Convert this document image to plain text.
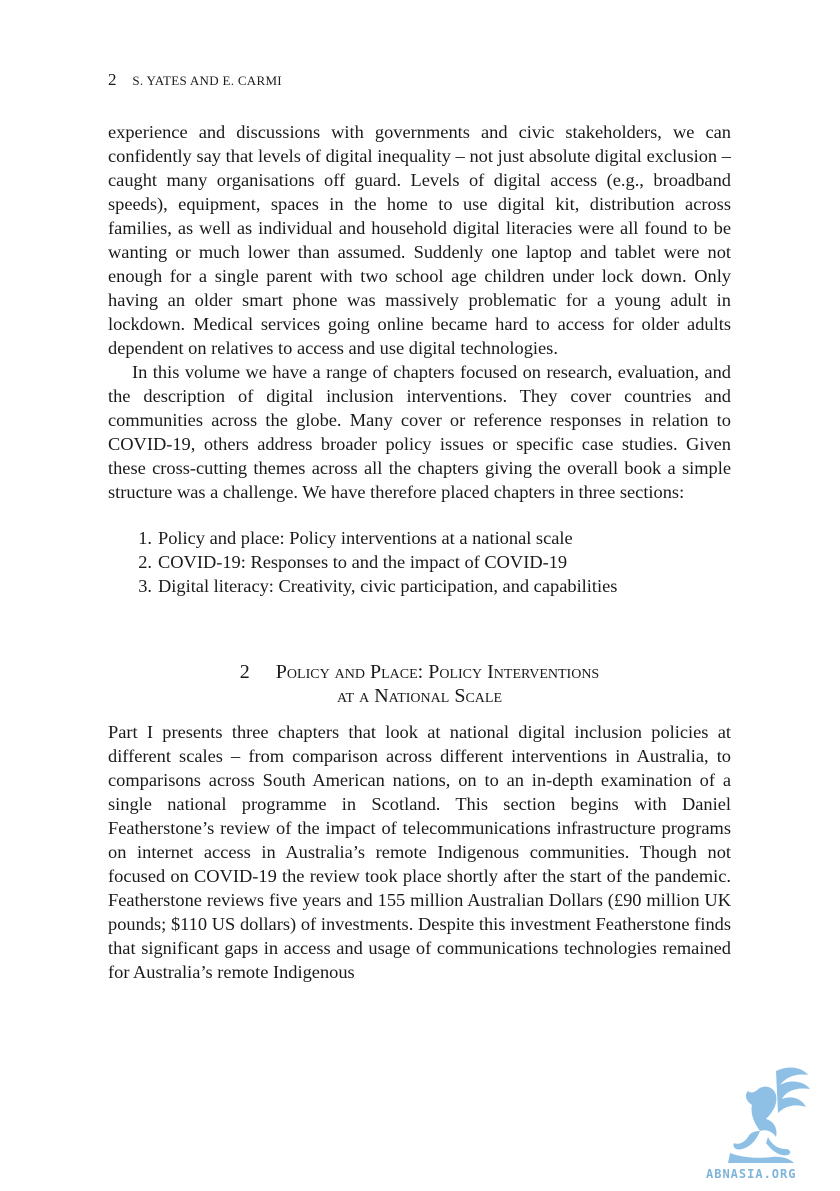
2 S. YATES AND E. CARMI

experience and discussions with governments and civic stakeholders, we can confidently say that levels of digital inequality – not just absolute digital exclusion – caught many organisations off guard. Levels of digital access (e.g., broadband speeds), equipment, spaces in the home to use digital kit, distribution across families, as well as individual and household digital literacies were all found to be wanting or much lower than assumed. Suddenly one laptop and tablet were not enough for a single parent with two school age children under lock down. Only having an older smart phone was massively problematic for a young adult in lockdown. Medical services going online became hard to access for older adults dependent on relatives to access and use digital technologies.

In this volume we have a range of chapters focused on research, evaluation, and the description of digital inclusion interventions. They cover countries and communities across the globe. Many cover or reference responses in relation to COVID-19, others address broader policy issues or specific case studies. Given these cross-cutting themes across all the chapters giving the overall book a simple structure was a challenge. We have therefore placed chapters in three sections:

1. Policy and place: Policy interventions at a national scale
2. COVID-19: Responses to and the impact of COVID-19
3. Digital literacy: Creativity, civic participation, and capabilities
2 Policy and Place: Policy Interventions
at a National Scale

Part I presents three chapters that look at national digital inclusion policies at different scales – from comparison across different interventions in Australia, to comparisons across South American nations, on to an in-depth examination of a single national programme in Scotland. This section begins with Daniel Featherstone’s review of the impact of telecommunications infrastructure programs on internet access in Australia’s remote Indigenous communities. Though not focused on COVID-19 the review took place shortly after the start of the pandemic. Featherstone reviews five years and 155 million Australian Dollars (£90 million UK pounds; $110 US dollars) of investments. Despite this investment Featherstone finds that significant gaps in access and usage of communications technologies remained for Australia’s remote Indigenous

ABNASIA.ORG
